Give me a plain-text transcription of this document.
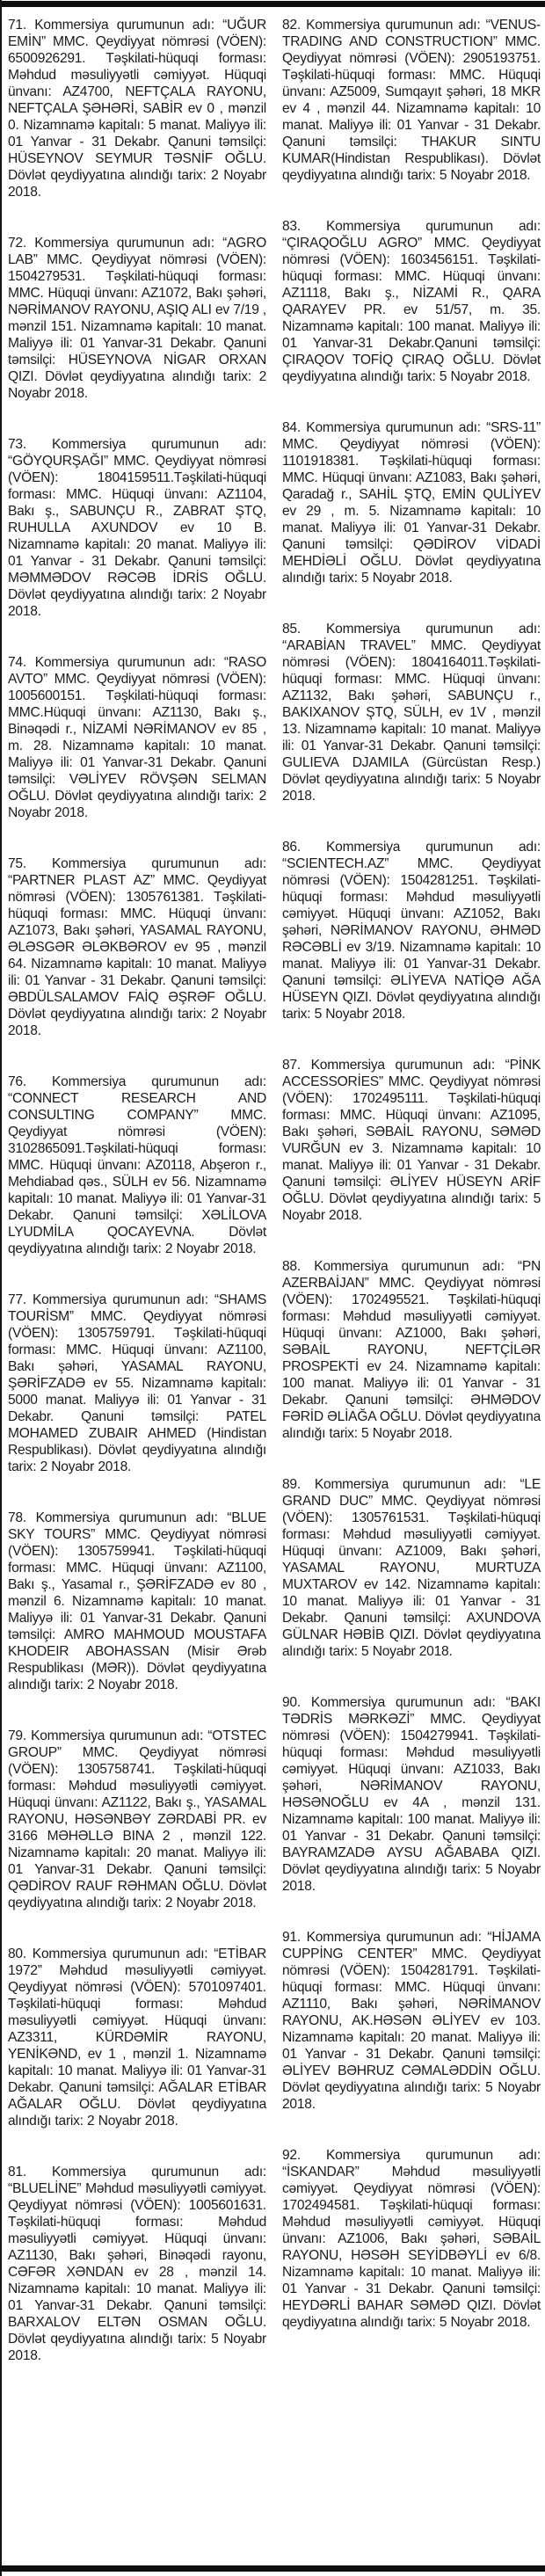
71. Kommersiya qurumunun adı: “UĞUR EMİN” MMC. Qeydiyyat nömrəsi (VÖEN): 6500926291. Təşkilati-hüquqi forması: Məhdud məsuliyyətli cəmiyyət. Hüquqi ünvanı: AZ4700, NEFTÇALA RAYONU, NEFTÇALA ŞƏHƏRİ, SABİR ev 0 , mənzil 0. Nizamnamə kapitalı: 5 manat. Maliyyə ili: 01 Yanvar - 31 Dekabr. Qanuni təmsilçi: HÜSEYNOV SEYMUR TƏSNİF OĞLU. Dövlət qeydiyyatına alındığı tarix: 2 Noyabr 2018.

72. Kommersiya qurumunun adı: “AGRO LAB” MMC. Qeydiyyat nömrəsi (VÖEN): 1504279531. Təşkilati-hüquqi forması: MMC. Hüquqi ünvanı: AZ1072, Bakı şəhəri, NƏRİMANOV RAYONU, AŞIQ ALI ev 7/19 , mənzil 151. Nizamnamə kapitalı: 10 manat. Maliyyə ili: 01 Yanvar-31 Dekabr. Qanuni təmsilçi: HÜSEYNOVA NİGAR ORXAN QIZI. Dövlət qeydiyyatına alındığı tarix: 2 Noyabr 2018.

73. Kommersiya qurumunun adı: “GÖYQURŞAĞI” MMC. Qeydiyyat nömrəsi (VÖEN): 1804159511.Təşkilati-hüquqi forması: MMC. Hüquqi ünvanı: AZ1104, Bakı ş., SABUNÇU R., ZABRAT ŞTQ, RUHULLA AXUNDOV ev 10 B. Nizamnamə kapitalı: 20 manat. Maliyyə ili: 01 Yanvar - 31 Dekabr. Qanuni təmsilçi: MƏMMƏDOV RƏCƏB İDRİS OĞLU. Dövlət qeydiyyatına alındığı tarix: 2 Noyabr 2018.

74. Kommersiya qurumunun adı: “RASO AVTO” MMC. Qeydiyyat nömrəsi (VÖEN): 1005600151. Təşkilati-hüquqi forması: MMC.Hüquqi ünvanı: AZ1130, Bakı ş., Binəqədi r., NİZAMİ NƏRİMANOV ev 85 , m. 28. Nizamnamə kapitalı: 10 manat. Maliyyə ili: 01 Yanvar-31 Dekabr. Qanuni təmsilçi: VƏLİYEV RÖVŞƏN SELMAN OĞLU. Dövlət qeydiyyatına alındığı tarix: 2 Noyabr 2018.

75. Kommersiya qurumunun adı: “PARTNER PLAST AZ” MMC. Qeydiyyat nömrəsi (VÖEN): 1305761381. Təşkilati-hüquqi forması: MMC. Hüquqi ünvanı: AZ1073, Bakı şəhəri, YASAMAL RAYONU, ƏLƏSGƏR ƏLƏKBƏROV ev 95 , mənzil 64. Nizamnamə kapitalı: 10 manat. Maliyyə ili: 01 Yanvar - 31 Dekabr. Qanuni təmsilçi: ƏBDÜLSALAMOV FAİQ ƏŞRƏF OĞLU. Dövlət qeydiyyatına alındığı tarix: 2 Noyabr 2018.

76. Kommersiya qurumunun adı: “CONNECT RESEARCH AND CONSULTING COMPANY” MMC. Qeydiyyat nömrəsi (VÖEN): 3102865091.Təşkilati-hüquqi forması: MMC. Hüquqi ünvanı: AZ0118, Abşeron r., Mehdiabad qəs., SÜLH ev 56. Nizamnamə kapitalı: 10 manat. Maliyyə ili: 01 Yanvar-31 Dekabr. Qanuni təmsilçi: XƏLİLOVA LYUDMİLA QOCAYEVNA. Dövlət qeydiyyatına alındığı tarix: 2 Noyabr 2018.

77. Kommersiya qurumunun adı: “SHAMS TOURİSM” MMC. Qeydiyyat nömrəsi (VÖEN): 1305759791. Təşkilati-hüquqi forması: MMC. Hüquqi ünvanı: AZ1100, Bakı şəhəri, YASAMAL RAYONU, ŞƏRİFZADƏ ev 55. Nizamnamə kapitalı: 5000 manat. Maliyyə ili: 01 Yanvar - 31 Dekabr. Qanuni təmsilçi: PATEL MOHAMED ZUBAIR AHMED (Hindistan Respublikası). Dövlət qeydiyyatına alındığı tarix: 2 Noyabr 2018.

78. Kommersiya qurumunun adı: “BLUE SKY TOURS” MMC. Qeydiyyat nömrəsi (VÖEN): 1305759941. Təşkilati-hüquqi forması: MMC. Hüquqi ünvanı: AZ1100, Bakı ş., Yasamal r., ŞƏRİFZADƏ ev 80 , mənzil 6. Nizamnamə kapitalı: 10 manat. Maliyyə ili: 01 Yanvar-31 Dekabr. Qanuni təmsilçi: AMRO MAHMOUD MOUSTAFA KHODEIR ABOHASSAN (Misir Ərəb Respublikası (MƏR)). Dövlət qeydiyyatına alındığı tarix: 2 Noyabr 2018.

79. Kommersiya qurumunun adı: “OTSTEC GROUP” MMC. Qeydiyyat nömrəsi (VÖEN): 1305758741. Təşkilati-hüquqi forması: Məhdud məsuliyyətli cəmiyyət. Hüquqi ünvanı: AZ1122, Bakı ş., YASAMAL RAYONU, HƏSƏNBƏY ZƏRDABİ PR. ev 3166 MƏHƏLLƏ BINA 2 , mənzil 122. Nizamnamə kapitalı: 20 manat. Maliyyə ili: 01 Yanvar-31 Dekabr. Qanuni təmsilçi: QƏDİROV RAUF RƏHMAN OĞLU. Dövlət qeydiyyatına alındığı tarix: 2 Noyabr 2018.

80. Kommersiya qurumunun adı: “ETİBAR 1972” Məhdud məsuliyyətli cəmiyyət. Qeydiyyat nömrəsi (VÖEN): 5701097401. Təşkilati-hüquqi forması: Məhdud məsuliyyətli cəmiyyət. Hüquqi ünvanı: AZ3311, KÜRDƏMİR RAYONU, YENİKƏND, ev 1 , mənzil 1. Nizamnamə kapitalı: 10 manat. Maliyyə ili: 01 Yanvar-31 Dekabr. Qanuni təmsilçi: AĞALAR ETİBAR AĞALAR OĞLU. Dövlət qeydiyyatına alındığı tarix: 2 Noyabr 2018.

81. Kommersiya qurumunun adı: “BLUELİNE” Məhdud məsuliyyətli cəmiyyət. Qeydiyyat nömrəsi (VÖEN): 1005601631. Təşkilati-hüquqi forması: Məhdud məsuliyyətli cəmiyyət. Hüquqi ünvanı: AZ1130, Bakı şəhəri, Binəqədi rayonu, CƏFƏR XƏNDAN ev 28 , mənzil 14. Nizamnamə kapitalı: 10 manat. Maliyyə ili: 01 Yanvar-31 Dekabr. Qanuni təmsilçi: BARXALOV ELTƏN OSMAN OĞLU. Dövlət qeydiyyatına alındığı tarix: 5 Noyabr 2018.

82. Kommersiya qurumunun adı: “VENUS-TRADING AND CONSTRUCTION” MMC. Qeydiyyat nömrəsi (VÖEN): 2905193751. Təşkilati-hüquqi forması: MMC. Hüquqi ünvanı: AZ5009, Sumqayıt şəhəri, 18 MKR ev 4 , mənzil 44. Nizamnamə kapitalı: 10 manat. Maliyyə ili: 01 Yanvar - 31 Dekabr. Qanuni təmsilçi: THAKUR SINTU KUMAR(Hindistan Respublikası). Dövlət qeydiyyatına alındığı tarix: 5 Noyabr 2018.

83. Kommersiya qurumunun adı: “ÇIRAQOĞLU AGRO” MMC. Qeydiyyat nömrəsi (VÖEN): 1603456151. Təşkilati-hüquqi forması: MMC. Hüquqi ünvanı: AZ1118, Bakı ş., NİZAMİ R., QARA QARAYEV PR. ev 51/57, m. 35. Nizamnamə kapitalı: 100 manat. Maliyyə ili: 01 Yanvar-31 Dekabr.Qanuni təmsilçi: ÇIRAQOV TOFİQ ÇIRAQ OĞLU. Dövlət qeydiyyatına alındığı tarix: 5 Noyabr 2018.

84. Kommersiya qurumunun adı: “SRS-11” MMC. Qeydiyyat nömrəsi (VÖEN): 1101918381. Təşkilati-hüquqi forması: MMC. Hüquqi ünvanı: AZ1083, Bakı şəhəri, Qaradağ r., SAHİL ŞTQ, EMİN QULİYEV ev 29 , m. 5. Nizamnamə kapitalı: 10 manat. Maliyyə ili: 01 Yanvar-31 Dekabr. Qanuni təmsilçi: QƏDİROV VİDADİ MEHDİƏLİ OĞLU. Dövlət qeydiyyatına alındığı tarix: 5 Noyabr 2018.

85. Kommersiya qurumunun adı: “ARABİAN TRAVEL” MMC. Qeydiyyat nömrəsi (VÖEN): 1804164011.Təşkilati-hüquqi forması: MMC. Hüquqi ünvanı: AZ1132, Bakı şəhəri, SABUNÇU r., BAKIXANOV ŞTQ, SÜLH, ev 1V , mənzil 13. Nizamnamə kapitalı: 10 manat. Maliyyə ili: 01 Yanvar-31 Dekabr. Qanuni təmsilçi: GULIEVA DJAMILA (Gürcüstan Resp.) Dövlət qeydiyyatına alındığı tarix: 5 Noyabr 2018.

86. Kommersiya qurumunun adı: “SCIENTECH.AZ” MMC. Qeydiyyat nömrəsi (VÖEN): 1504281251. Təşkilati-hüquqi forması: Məhdud məsuliyyətli cəmiyyət. Hüquqi ünvanı: AZ1052, Bakı şəhəri, NƏRİMANOV RAYONU, ƏHMƏD RƏCƏBLİ ev 3/19. Nizamnamə kapitalı: 10 manat. Maliyyə ili: 01 Yanvar-31 Dekabr. Qanuni təmsilçi: ƏLİYEVA NATİQƏ AĞA HÜSEYN QIZI. Dövlət qeydiyyatına alındığı tarix: 5 Noyabr 2018.

87. Kommersiya qurumunun adı: “PİNK ACCESSORİES” MMC. Qeydiyyat nömrəsi (VÖEN): 1702495111. Təşkilati-hüquqi forması: MMC. Hüquqi ünvanı: AZ1095, Bakı şəhəri, SƏBAİL RAYONU, SƏMƏD VURĞUN ev 3. Nizamnamə kapitalı: 10 manat. Maliyyə ili: 01 Yanvar - 31 Dekabr. Qanuni təmsilçi: ƏLİYEV HÜSEYN ARİF OĞLU. Dövlət qeydiyyatına alındığı tarix: 5 Noyabr 2018.

88. Kommersiya qurumunun adı: “PN AZERBAİJAN” MMC. Qeydiyyat nömrəsi (VÖEN): 1702495521. Təşkilati-hüquqi forması: Məhdud məsuliyyətli cəmiyyət. Hüquqi ünvanı: AZ1000, Bakı şəhəri, SƏBAİL RAYONU, NEFTÇİLƏR PROSPEKTİ ev 24. Nizamnamə kapitalı: 100 manat. Maliyyə ili: 01 Yanvar - 31 Dekabr. Qanuni təmsilçi: ƏHMƏDOV FƏRİD ƏLİAĞA OĞLU. Dövlət qeydiyyatına alındığı tarix: 5 Noyabr 2018.

89. Kommersiya qurumunun adı: “LE GRAND DUC” MMC. Qeydiyyat nömrəsi (VÖEN): 1305761531. Təşkilati-hüquqi forması: Məhdud məsuliyyətli cəmiyyət. Hüquqi ünvanı: AZ1009, Bakı şəhəri, YASAMAL RAYONU, MURTUZA MUXTAROV ev 142. Nizamnamə kapitalı: 10 manat. Maliyyə ili: 01 Yanvar - 31 Dekabr. Qanuni təmsilçi: AXUNDOVA GÜLNAR HƏBİB QIZI. Dövlət qeydiyyatına alındığı tarix: 5 Noyabr 2018.

90. Kommersiya qurumunun adı: “BAKI TƏDRİS MƏRKƏZİ” MMC. Qeydiyyat nömrəsi (VÖEN): 1504279941. Təşkilati-hüquqi forması: Məhdud məsuliyyətli cəmiyyət. Hüquqi ünvanı: AZ1033, Bakı şəhəri, NƏRİMANOV RAYONU, HƏSƏNOĞLU ev 4A , mənzil 131. Nizamnamə kapitalı: 100 manat. Maliyyə ili: 01 Yanvar - 31 Dekabr. Qanuni təmsilçi: BAYRAMZADƏ AYSU AĞABABA QIZI. Dövlət qeydiyyatına alındığı tarix: 5 Noyabr 2018.

91. Kommersiya qurumunun adı: “HİJAMA CUPPİNG CENTER” MMC. Qeydiyyat nömrəsi (VÖEN): 1504281791. Təşkilati-hüquqi forması: MMC. Hüquqi ünvanı: AZ1110, Bakı şəhəri, NƏRİMANOV RAYONU, AK.HƏSƏN ƏLİYEV ev 103. Nizamnamə kapitalı: 20 manat. Maliyyə ili: 01 Yanvar - 31 Dekabr. Qanuni təmsilçi: ƏLİYEV BƏHRUZ CƏMALƏDDİN OĞLU. Dövlət qeydiyyatına alındığı tarix: 5 Noyabr 2018.

92. Kommersiya qurumunun adı: “İSKANDAR” Məhdud məsuliyyətli cəmiyyət. Qeydiyyat nömrəsi (VÖEN): 1702494581. Təşkilati-hüquqi forması: Məhdud məsuliyyətli cəmiyyət. Hüquqi ünvanı: AZ1006, Bakı şəhəri, SƏBAİL RAYONU, HƏSƏH SEYİDBƏYLİ ev 6/8. Nizamnamə kapitalı: 10 manat. Maliyyə ili: 01 Yanvar - 31 Dekabr. Qanuni təmsilçi: HEYDƏRLİ BAHAR SƏMƏD QIZI. Dövlət qeydiyyatına alındığı tarix: 5 Noyabr 2018.
